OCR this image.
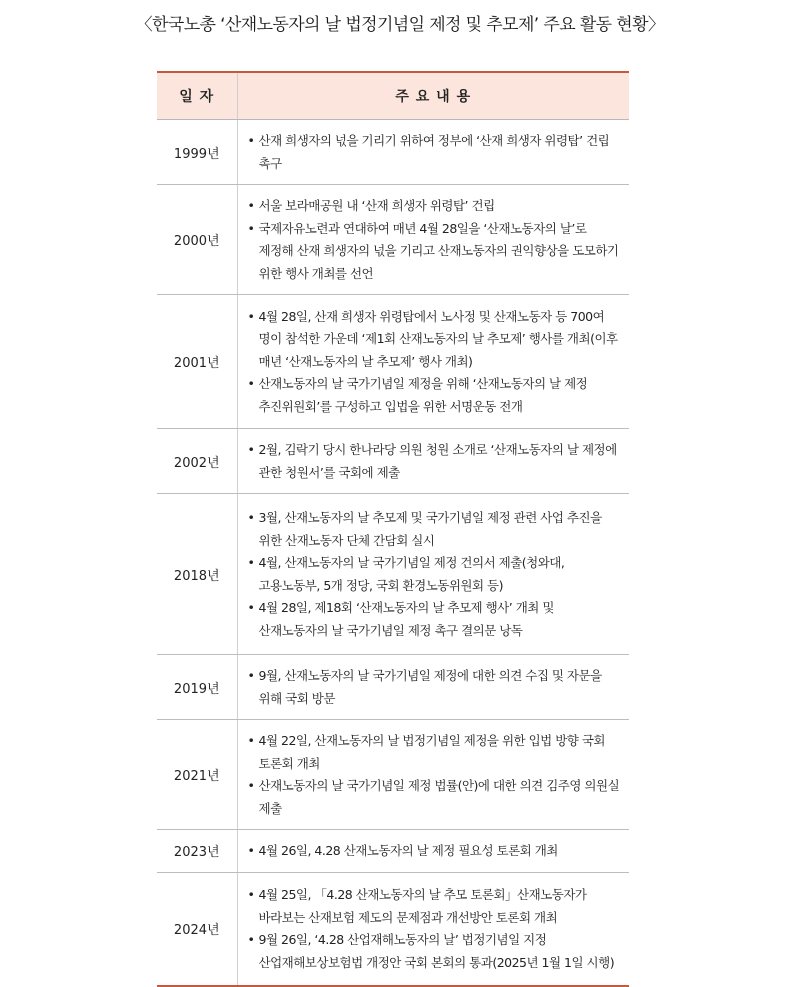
〈한국노총 ‘산재노동자의 날 법정기념일 제정 및 추모제’ 주요 활동 현황〉
일 자	주 요 내 용
1999년	• 산재 희생자의 넋을 기리기 위하여 정부에 ‘산재 희생자 위령탑’ 건립 촉구

2000년	• 서울 보라매공원 내 ‘산재 희생자 위령탑’ 건립
• 국제자유노련과 연대하여 매년 4월 28일을 ‘산재노동자의 날’로 제정해 산재 희생자의 넋을 기리고 산재노동자의 권익향상을 도모하기 위한 행사 개최를 선언

2001년	• 4월 28일, 산재 희생자 위령탑에서 노사정 및 산재노동자 등 700여 명이 참석한 가운데 ‘제1회 산재노동자의 날 추모제’ 행사를 개최(이후 매년 ‘산재노동자의 날 추모제’ 행사 개최)
• 산재노동자의 날 국가기념일 제정을 위해 ‘산재노동자의 날 제정 추진위원회’를 구성하고 입법을 위한 서명운동 전개

2002년	• 2월, 김락기 당시 한나라당 의원 청원 소개로 ‘산재노동자의 날 제정에 관한 청원서’를 국회에 제출

2018년	• 3월, 산재노동자의 날 추모제 및 국가기념일 제정 관련 사업 추진을 위한 산재노동자 단체 간담회 실시
• 4월, 산재노동자의 날 국가기념일 제정 건의서 제출(청와대, 고용노동부, 5개 정당, 국회 환경노동위원회 등)
• 4월 28일, 제18회 ‘산재노동자의 날 추모제 행사’ 개최 및 산재노동자의 날 국가기념일 제정 촉구 결의문 낭독

2019년	• 9월, 산재노동자의 날 국가기념일 제정에 대한 의견 수집 및 자문을 위해 국회 방문

2021년	• 4월 22일, 산재노동자의 날 법정기념일 제정을 위한 입법 방향 국회 토론회 개최
• 산재노동자의 날 국가기념일 제정 법률(안)에 대한 의견 김주영 의원실 제출

2023년	• 4월 26일, 4.28 산재노동자의 날 제정 필요성 토론회 개최

2024년	• 4월 25일, 「4.28 산재노동자의 날 추모 토론회」산재노동자가 바라보는 산재보험 제도의 문제점과 개선방안 토론회 개최
• 9월 26일, ‘4.28 산업재해노동자의 날’ 법정기념일 지정 산업재해보상보험법 개정안 국회 본회의 통과(2025년 1월 1일 시행)
